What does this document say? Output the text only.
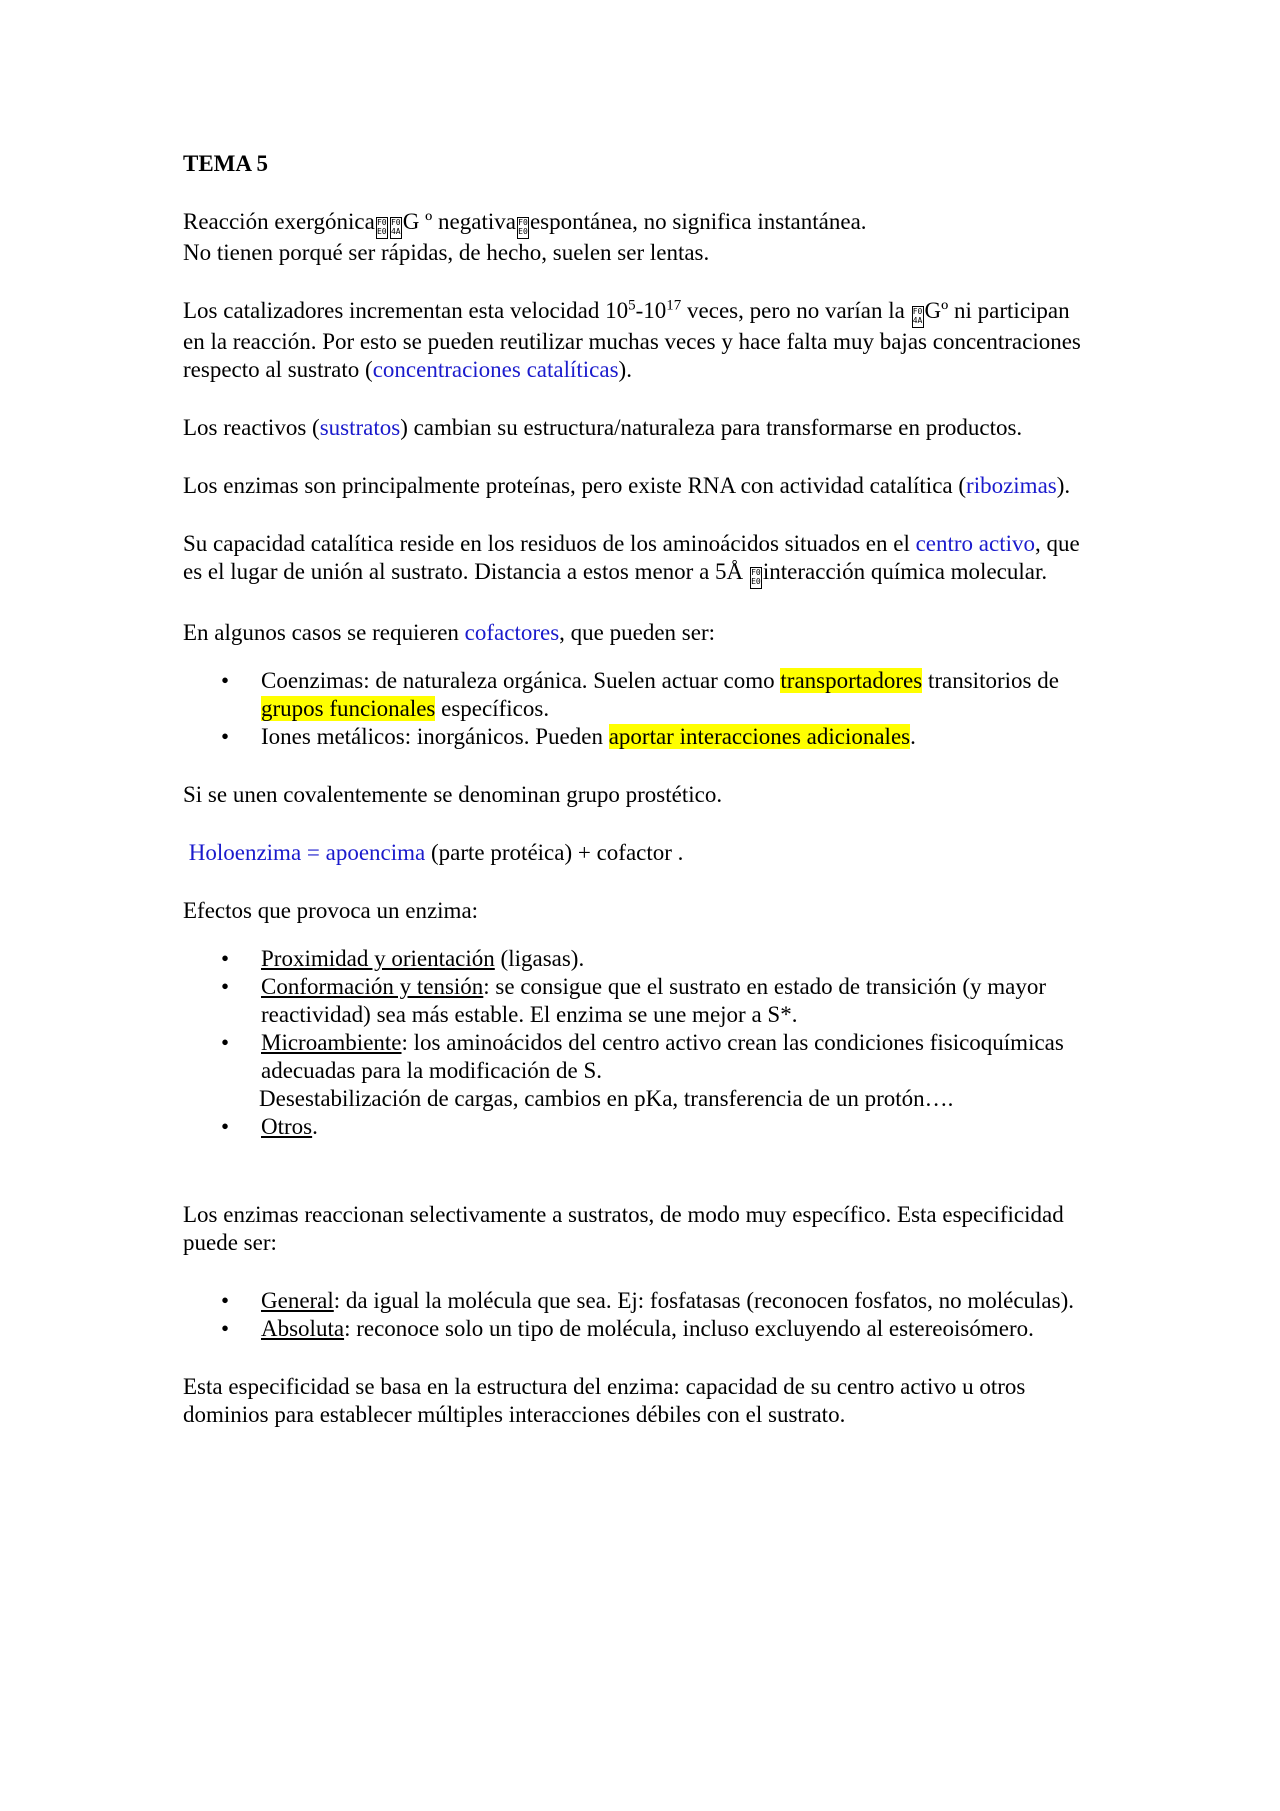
TEMA 5

Reacción exergónica F0
E0F0
4AG º negativa F0
E0espontánea, no significa instantánea.
No tienen porqué ser rápidas, de hecho, suelen ser lentas.

Los catalizadores incrementan esta velocidad $10^5-10^{17}$ veces, pero no varían la F0
4AGº ni participan en la reacción. Por esto se pueden reutilizar muchas veces y hace falta muy bajas concentraciones respecto al sustrato (concentraciones catalíticas).

Los reactivos (sustratos) cambian su estructura/naturaleza para transformarse en productos.

Los enzimas son principalmente proteínas, pero existe RNA con actividad catalítica (ribozimas).

Su capacidad catalítica reside en los residuos de los aminoácidos situados en el centro activo, que es el lugar de unión al sustrato. Distancia a estos menor a 5Å F0
E0interacción química molecular.

En algunos casos se requieren cofactores, que pueden ser:

• Coenzimas: de naturaleza orgánica. Suelen actuar como transportadores transitorios de grupos funcionales específicos.
• Iones metálicos: inorgánicos. Pueden aportar interacciones adicionales.

Si se unen covalentemente se denominan grupo prostético.

Holoenzima = apoencima (parte protéica) + cofactor .

Efectos que provoca un enzima:

• Proximidad y orientación (ligasas).
• Conformación y tensión: se consigue que el sustrato en estado de transición (y mayor reactividad) sea más estable. El enzima se une mejor a S*.
• Microambiente: los aminoácidos del centro activo crean las condiciones fisicoquímicas adecuadas para la modificación de S.
Desestabilización de cargas, cambios en pKa, transferencia de un protón….
• Otros.

Los enzimas reaccionan selectivamente a sustratos, de modo muy específico. Esta especificidad puede ser:

• General: da igual la molécula que sea. Ej: fosfatasas (reconocen fosfatos, no moléculas).
• Absoluta: reconoce solo un tipo de molécula, incluso excluyendo al estereoisómero.

Esta especificidad se basa en la estructura del enzima: capacidad de su centro activo u otros dominios para establecer múltiples interacciones débiles con el sustrato.
